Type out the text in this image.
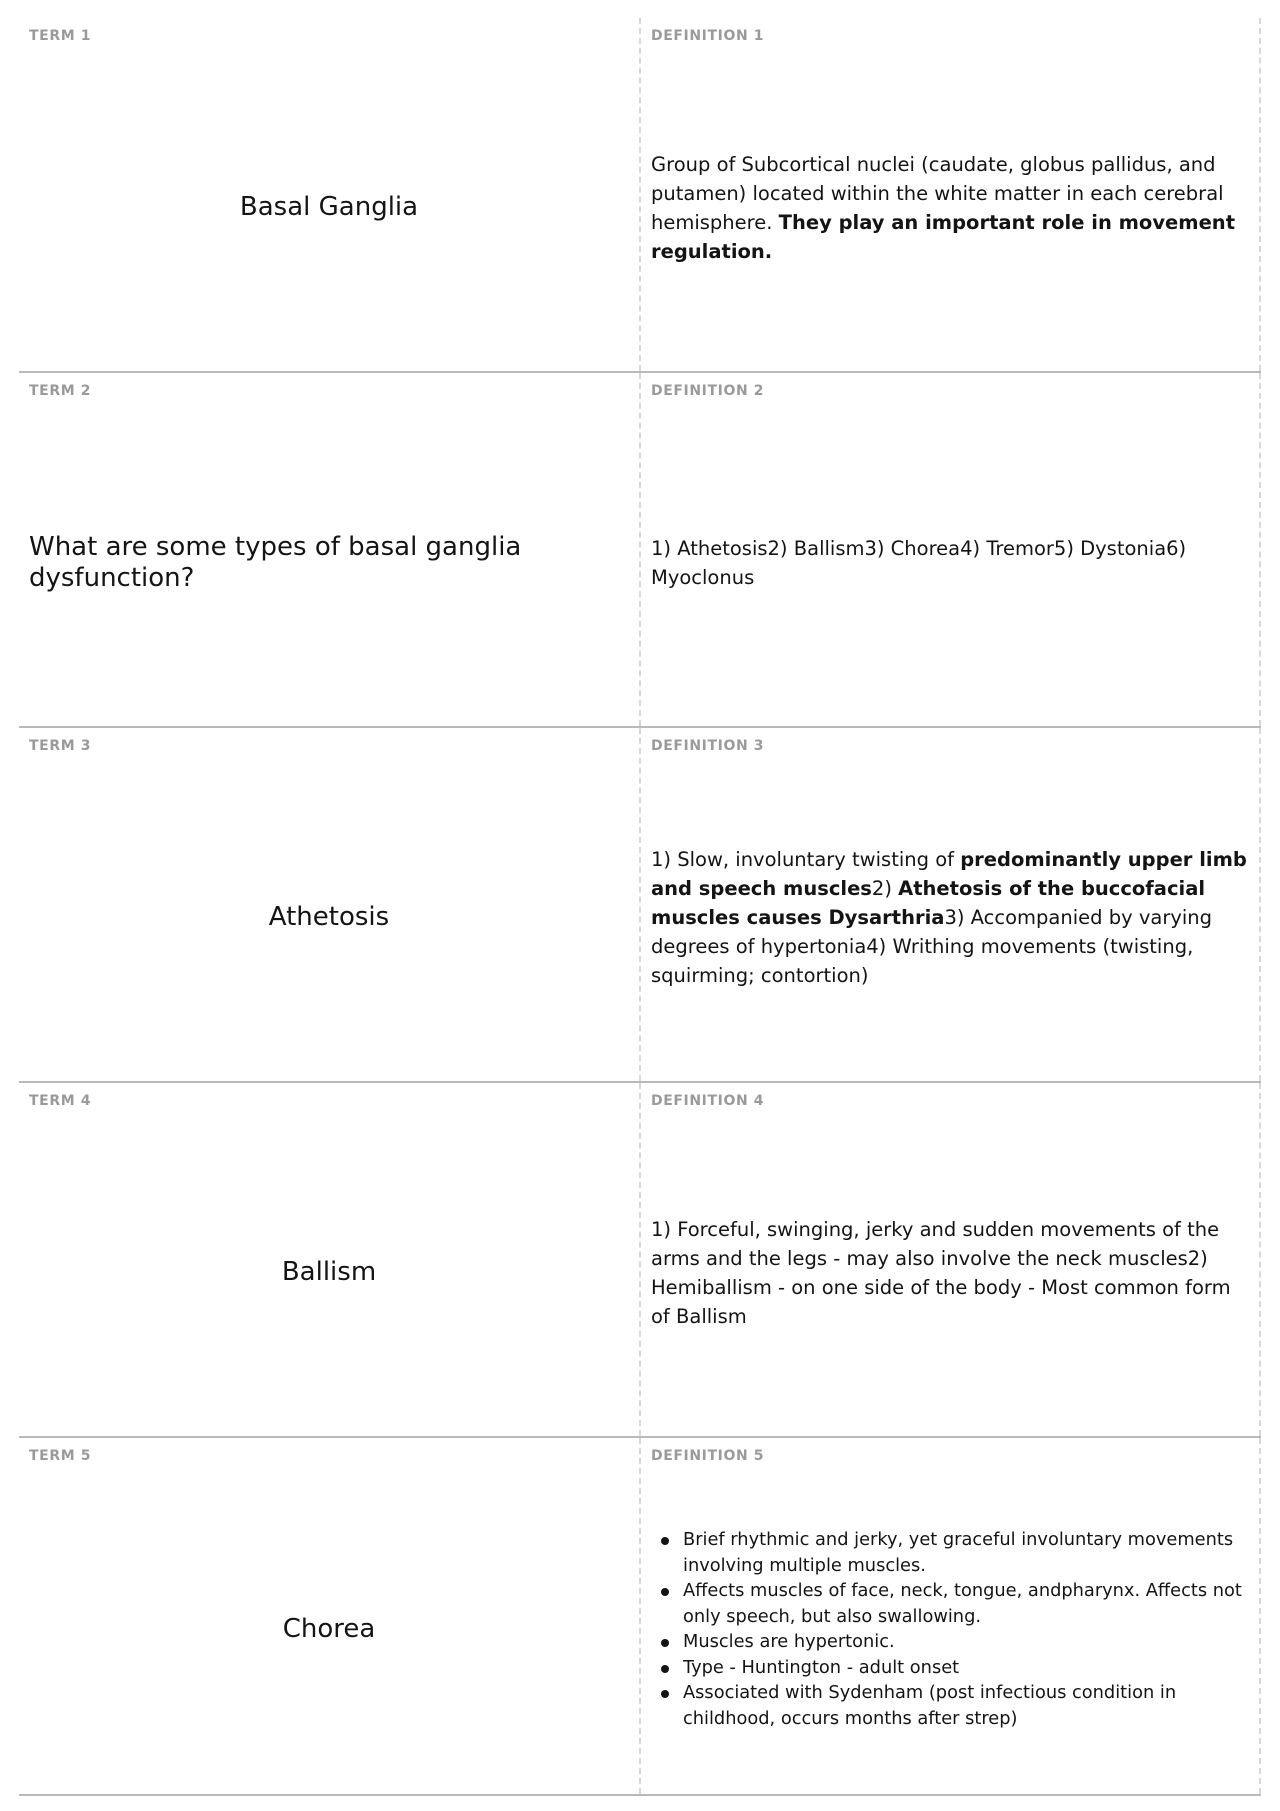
TERM 1
Basal Ganglia
DEFINITION 1
Group of Subcortical nuclei (caudate, globus pallidus, and putamen) located within the white matter in each cerebral hemisphere. They play an important role in movement regulation.
TERM 2
What are some types of basal ganglia dysfunction?
DEFINITION 2
1) Athetosis2) Ballism3) Chorea4) Tremor5) Dystonia6) Myoclonus
TERM 3
Athetosis
DEFINITION 3
1) Slow, involuntary twisting of predominantly upper limb and speech muscles2) Athetosis of the buccofacial muscles causes Dysarthria3) Accompanied by varying degrees of hypertonia4) Writhing movements (twisting, squirming; contortion)
TERM 4
Ballism
DEFINITION 4
1) Forceful, swinging, jerky and sudden movements of the arms and the legs - may also involve the neck muscles2) Hemiballism - on one side of the body - Most common form of Ballism
TERM 5
Chorea
DEFINITION 5
Brief rhythmic and jerky, yet graceful involuntary movements involving multiple muscles.
Affects muscles of face, neck, tongue, andpharynx. Affects not only speech, but also swallowing.
Muscles are hypertonic.
Type - Huntington - adult onset
Associated with Sydenham (post infectious condition in childhood, occurs months after strep)
